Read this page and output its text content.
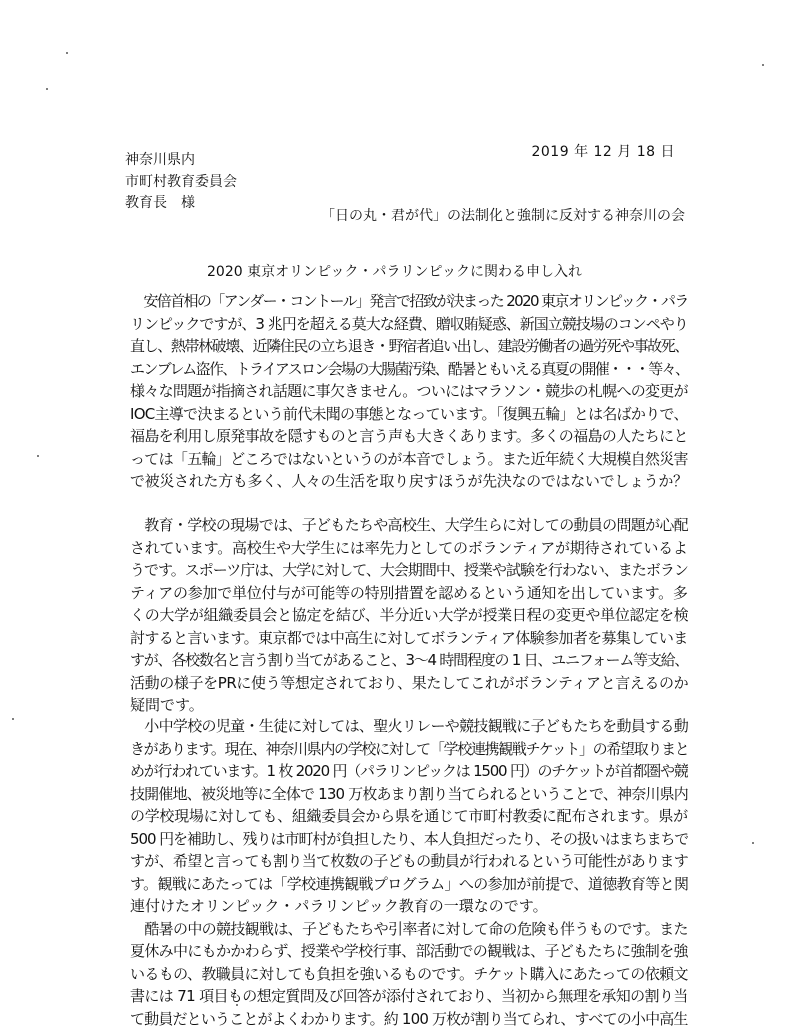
2019 年 12 月 18 日
神奈川県内
市町村教育委員会
教育長　様
「日の丸・君が代」の法制化と強制に反対する神奈川の会
2020 東京オリンピック・パラリンピックに関わる申し入れ
　安倍首相の「アンダー・コントール」発言で招致が決まった 2020 東京オリンピック・パラ
リンピックですが、3 兆円を超える莫大な経費、贈収賄疑惑、新国立競技場のコンペやり
直し、熱帯林破壊、近隣住民の立ち退き・野宿者追い出し、建設労働者の過労死や事故死、
エンブレム盗作、トライアスロン会場の大腸菌汚染、酷暑ともいえる真夏の開催・・・等々、
様々な問題が指摘され話題に事欠きません。ついにはマラソン・競歩の札幌への変更が
IOC主導で決まるという前代未聞の事態となっています。「復興五輪」とは名ばかりで、
福島を利用し原発事故を隠すものと言う声も大きくあります。多くの福島の人たちにと
っては「五輪」どころではないというのが本音でしょう。また近年続く大規模自然災害
で被災された方も多く、人々の生活を取り戻すほうが先決なのではないでしょうか？
　教育・学校の現場では、子どもたちや高校生、大学生らに対しての動員の問題が心配
されています。高校生や大学生には率先力としてのボランティアが期待されているよ
うです。スポーツ庁は、大学に対して、大会期間中、授業や試験を行わない、またボラン
ティアの参加で単位付与が可能等の特別措置を認めるという通知を出しています。多
くの大学が組織委員会と協定を結び、半分近い大学が授業日程の変更や単位認定を検
討すると言います。東京都では中高生に対してボランティア体験参加者を募集していま
すが、各校数名と言う割り当てがあること、3〜4 時間程度の 1 日、ユニフォーム等支給、
活動の様子をPRに使う等想定されており、果たしてこれがボランティアと言えるのか
疑問です。
　小中学校の児童・生徒に対しては、聖火リレーや競技観戦に子どもたちを動員する動
きがあります。現在、神奈川県内の学校に対して「学校連携観戦チケット」の希望取りまと
めが行われています。1 枚 2020 円（パラリンピックは 1500 円）のチケットが首都圏や競
技開催地、被災地等に全体で 130 万枚あまり割り当てられるということで、神奈川県内
の学校現場に対しても、組織委員会から県を通じて市町村教委に配布されます。県が
500 円を補助し、残りは市町村が負担したり、本人負担だったり、その扱いはまちまちで
すが、希望と言っても割り当て枚数の子どもの動員が行われるという可能性があります
す。観戦にあたっては「学校連携観戦プログラム」への参加が前提で、道徳教育等と関
連付けたオリンピック・パラリンピック教育の一環なのです。
　酷暑の中の競技観戦は、子どもたちや引率者に対して命の危険も伴うものです。また
夏休み中にもかかわらず、授業や学校行事、部活動での観戦は、子どもたちに強制を強
いるもの、教職員に対しても負担を強いるものです。チケット購入にあたっての依頼文
書には 71 項目もの想定質問及び回答が添付されており、当初から無理を承知の割り当
て動員だということがよくわかります。約 100 万枚が割り当てられ、すべての小中高生
